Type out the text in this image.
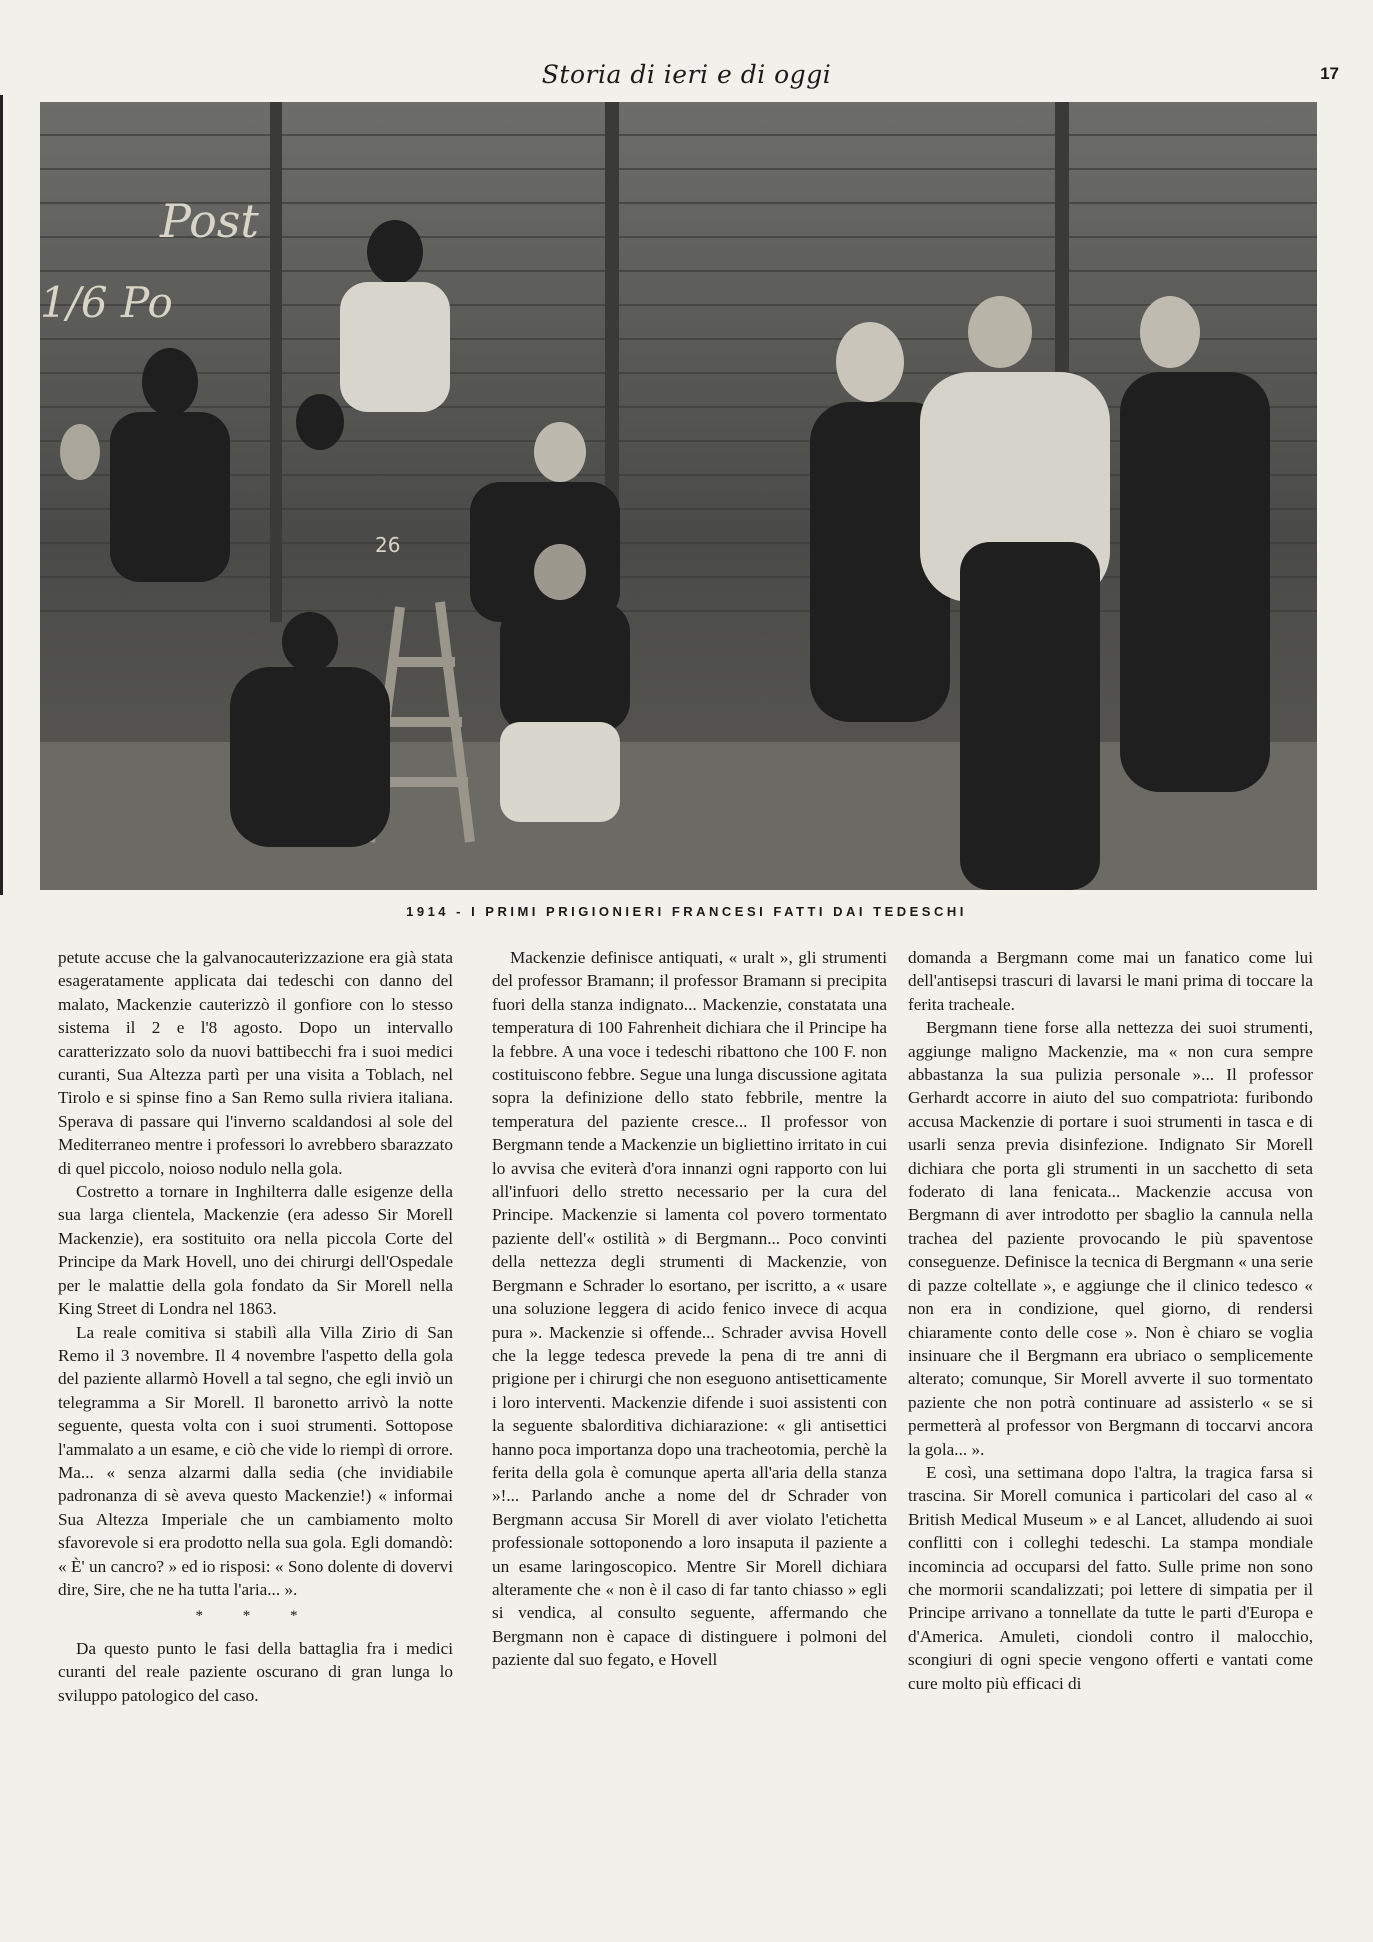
Storia di ieri e di oggi	17
Post
1/6 Po
26
1914 - I PRIMI PRIGIONIERI FRANCESI FATTI DAI TEDESCHI

petute accuse che la galvanocauterizzazione era già stata esageratamente applicata dai tedeschi con danno del malato, Mackenzie cauterizzò il gonfiore con lo stesso sistema il 2 e l'8 agosto. Dopo un intervallo caratterizzato solo da nuovi battibecchi fra i suoi medici curanti, Sua Altezza partì per una visita a Toblach, nel Tirolo e si spinse fino a San Remo sulla riviera italiana. Sperava di passare qui l'inverno scaldandosi al sole del Mediterraneo mentre i professori lo avrebbero sbarazzato di quel piccolo, noioso nodulo nella gola.

Costretto a tornare in Inghilterra dalle esigenze della sua larga clientela, Mackenzie (era adesso Sir Morell Mackenzie), era sostituito ora nella piccola Corte del Principe da Mark Hovell, uno dei chirurgi dell'Ospedale per le malattie della gola fondato da Sir Morell nella King Street di Londra nel 1863.

La reale comitiva si stabilì alla Villa Zirio di San Remo il 3 novembre. Il 4 novembre l'aspetto della gola del paziente allarmò Hovell a tal segno, che egli inviò un telegramma a Sir Morell. Il baronetto arrivò la notte seguente, questa volta con i suoi strumenti. Sottopose l'ammalato a un esame, e ciò che vide lo riempì di orrore. Ma... « senza alzarmi dalla sedia (che invidiabile padronanza di sè aveva questo Mackenzie!) « informai Sua Altezza Imperiale che un cambiamento molto sfavorevole si era prodotto nella sua gola. Egli domandò: « È' un cancro? » ed io risposi: « Sono dolente di dovervi dire, Sire, che ne ha tutta l'aria... ».

* * *

Da questo punto le fasi della battaglia fra i medici curanti del reale paziente oscurano di gran lunga lo sviluppo patologico del caso.

Mackenzie definisce antiquati, « uralt », gli strumenti del professor Bramann; il professor Bramann si precipita fuori della stanza indignato... Mackenzie, constatata una temperatura di 100 Fahrenheit dichiara che il Principe ha la febbre. A una voce i tedeschi ribattono che 100 F. non costituiscono febbre. Segue una lunga discussione agitata sopra la definizione dello stato febbrile, mentre la temperatura del paziente cresce... Il professor von Bergmann tende a Mackenzie un bigliettino irritato in cui lo avvisa che eviterà d'ora innanzi ogni rapporto con lui all'infuori dello stretto necessario per la cura del Principe. Mackenzie si lamenta col povero tormentato paziente dell'« ostilità » di Bergmann... Poco convinti della nettezza degli strumenti di Mackenzie, von Bergmann e Schrader lo esortano, per iscritto, a « usare una soluzione leggera di acido fenico invece di acqua pura ». Mackenzie si offende... Schrader avvisa Hovell che la legge tedesca prevede la pena di tre anni di prigione per i chirurgi che non eseguono antisetticamente i loro interventi. Mackenzie difende i suoi assistenti con la seguente sbalorditiva dichiarazione: « gli antisettici hanno poca importanza dopo una tracheotomia, perchè la ferita della gola è comunque aperta all'aria della stanza »!... Parlando anche a nome del dr Schrader von Bergmann accusa Sir Morell di aver violato l'etichetta professionale sottoponendo a loro insaputa il paziente a un esame laringoscopico. Mentre Sir Morell dichiara alteramente che « non è il caso di far tanto chiasso » egli si vendica, al consulto seguente, affermando che Bergmann non è capace di distinguere i polmoni del paziente dal suo fegato, e Hovell

domanda a Bergmann come mai un fanatico come lui dell'antisepsi trascuri di lavarsi le mani prima di toccare la ferita tracheale.

Bergmann tiene forse alla nettezza dei suoi strumenti, aggiunge maligno Mackenzie, ma « non cura sempre abbastanza la sua pulizia personale »... Il professor Gerhardt accorre in aiuto del suo compatriota: furibondo accusa Mackenzie di portare i suoi strumenti in tasca e di usarli senza previa disinfezione. Indignato Sir Morell dichiara che porta gli strumenti in un sacchetto di seta foderato di lana fenicata... Mackenzie accusa von Bergmann di aver introdotto per sbaglio la cannula nella trachea del paziente provocando le più spaventose conseguenze. Definisce la tecnica di Bergmann « una serie di pazze coltellate », e aggiunge che il clinico tedesco « non era in condizione, quel giorno, di rendersi chiaramente conto delle cose ». Non è chiaro se voglia insinuare che il Bergmann era ubriaco o semplicemente alterato; comunque, Sir Morell avverte il suo tormentato paziente che non potrà continuare ad assisterlo « se si permetterà al professor von Bergmann di toccarvi ancora la gola... ».

E così, una settimana dopo l'altra, la tragica farsa si trascina. Sir Morell comunica i particolari del caso al « British Medical Museum » e al Lancet, alludendo ai suoi conflitti con i colleghi tedeschi. La stampa mondiale incomincia ad occuparsi del fatto. Sulle prime non sono che mormorii scandalizzati; poi lettere di simpatia per il Principe arrivano a tonnellate da tutte le parti d'Europa e d'America. Amuleti, ciondoli contro il malocchio, scongiuri di ogni specie vengono offerti e vantati come cure molto più efficaci di
